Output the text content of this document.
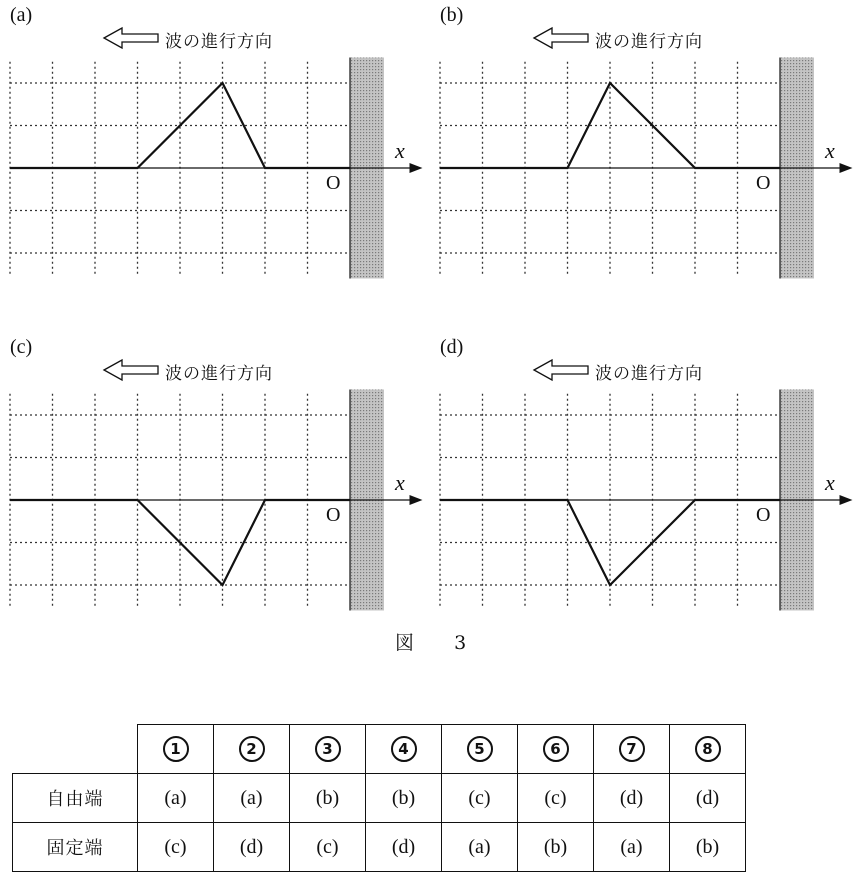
(a)
波の進行方向
x
O
(b)
波の進行方向
x
O
(c)
波の進行方向
x
O
(d)
波の進行方向
x
O
図 3
	1	2	3	4	5	6	7	8
自由端	(a)	(a)	(b)	(b)	(c)	(c)	(d)	(d)
固定端	(c)	(d)	(c)	(d)	(a)	(b)	(a)	(b)
